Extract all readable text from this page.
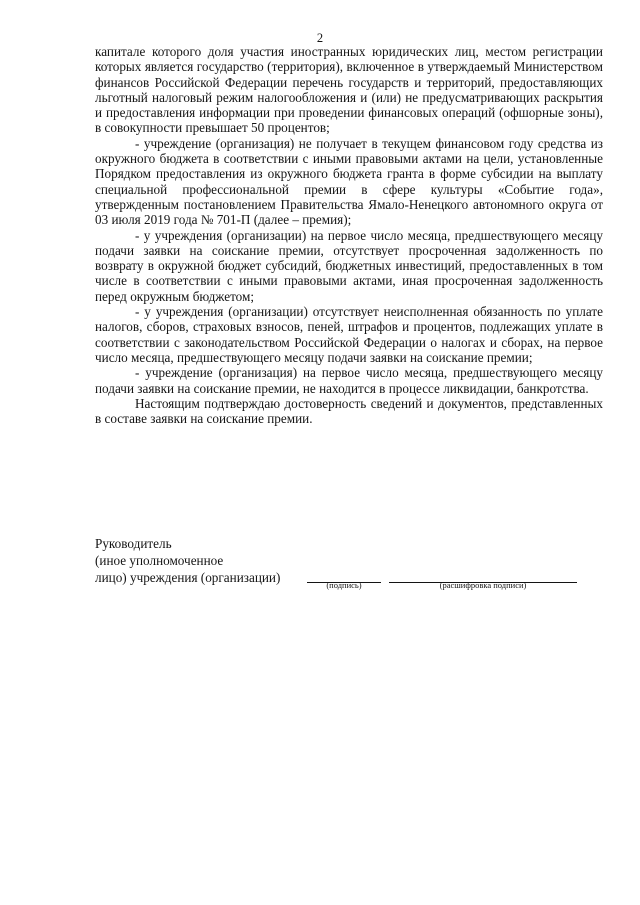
2

капитале которого доля участия иностранных юридических лиц, местом регистрации которых является государство (территория), включенное в утверждаемый Министерством финансов Российской Федерации перечень государств и территорий, предоставляющих льготный налоговый режим налогообложения и (или) не предусматривающих раскрытия и предоставления информации при проведении финансовых операций (офшорные зоны), в совокупности превышает 50 процентов;

- учреждение (организация) не получает в текущем финансовом году средства из окружного бюджета в соответствии с иными правовыми актами на цели, установленные Порядком предоставления из окружного бюджета гранта в форме субсидии на выплату специальной профессиональной премии в сфере культуры «Событие года», утвержденным постановлением Правительства Ямало-Ненецкого автономного округа от 03 июля 2019 года № 701-П (далее – премия);

- у учреждения (организации) на первое число месяца, предшествующего месяцу подачи заявки на соискание премии, отсутствует просроченная задолженность по возврату в окружной бюджет субсидий, бюджетных инвестиций, предоставленных в том числе в соответствии с иными правовыми актами, иная просроченная задолженность перед окружным бюджетом;

- у учреждения (организации) отсутствует неисполненная обязанность по уплате налогов, сборов, страховых взносов, пеней, штрафов и процентов, подлежащих уплате в соответствии с законодательством Российской Федерации о налогах и сборах, на первое число месяца, предшествующего месяцу подачи заявки на соискание премии;

- учреждение (организация) на первое число месяца, предшествующего месяцу подачи заявки на соискание премии, не находится в процессе ликвидации, банкротства.

Настоящим подтверждаю достоверность сведений и документов, представленных в составе заявки на соискание премии.

Руководитель
(иное уполномоченное
лицо) учреждения (организации)	(подпись)	(расшифровка подписи)
